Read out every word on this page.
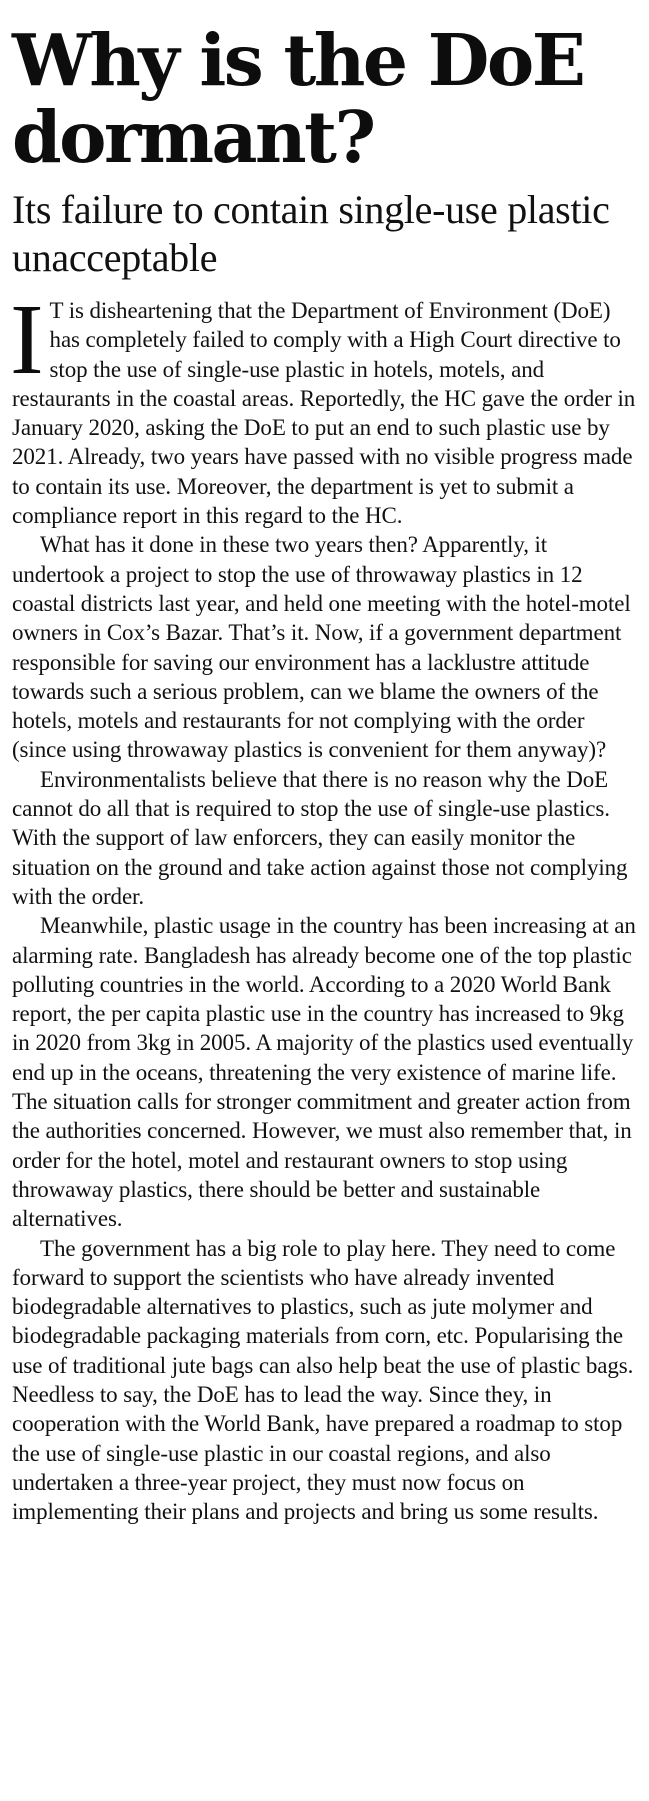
Why is the DoE dormant?
Its failure to contain single-use plastic unacceptable

I T is disheartening that the Department of Environment (DoE) has completely failed to comply with a High Court directive to stop the use of single-use plastic in hotels, motels, and restaurants in the coastal areas. Reportedly, the HC gave the order in January 2020, asking the DoE to put an end to such plastic use by 2021. Already, two years have passed with no visible progress made to contain its use. Moreover, the department is yet to submit a compliance report in this regard to the HC.

What has it done in these two years then? Apparently, it undertook a project to stop the use of throwaway plastics in 12 coastal districts last year, and held one meeting with the hotel-motel owners in Cox’s Bazar. That’s it. Now, if a government department responsible for saving our environment has a lacklustre attitude towards such a serious problem, can we blame the owners of the hotels, motels and restaurants for not complying with the order (since using throwaway plastics is convenient for them anyway)?

Environmentalists believe that there is no reason why the DoE cannot do all that is required to stop the use of single-use plastics. With the support of law enforcers, they can easily monitor the situation on the ground and take action against those not complying with the order.

Meanwhile, plastic usage in the country has been increasing at an alarming rate. Bangladesh has already become one of the top plastic polluting countries in the world. According to a 2020 World Bank report, the per capita plastic use in the country has increased to 9kg in 2020 from 3kg in 2005. A majority of the plastics used eventually end up in the oceans, threatening the very existence of marine life. The situation calls for stronger commitment and greater action from the authorities concerned. However, we must also remember that, in order for the hotel, motel and restaurant owners to stop using throwaway plastics, there should be better and sustainable alternatives.

The government has a big role to play here. They need to come forward to support the scientists who have already invented biodegradable alternatives to plastics, such as jute molymer and biodegradable packaging materials from corn, etc. Popularising the use of traditional jute bags can also help beat the use of plastic bags. Needless to say, the DoE has to lead the way. Since they, in cooperation with the World Bank, have prepared a roadmap to stop the use of single-use plastic in our coastal regions, and also undertaken a three-year project, they must now focus on implementing their plans and projects and bring us some results.
